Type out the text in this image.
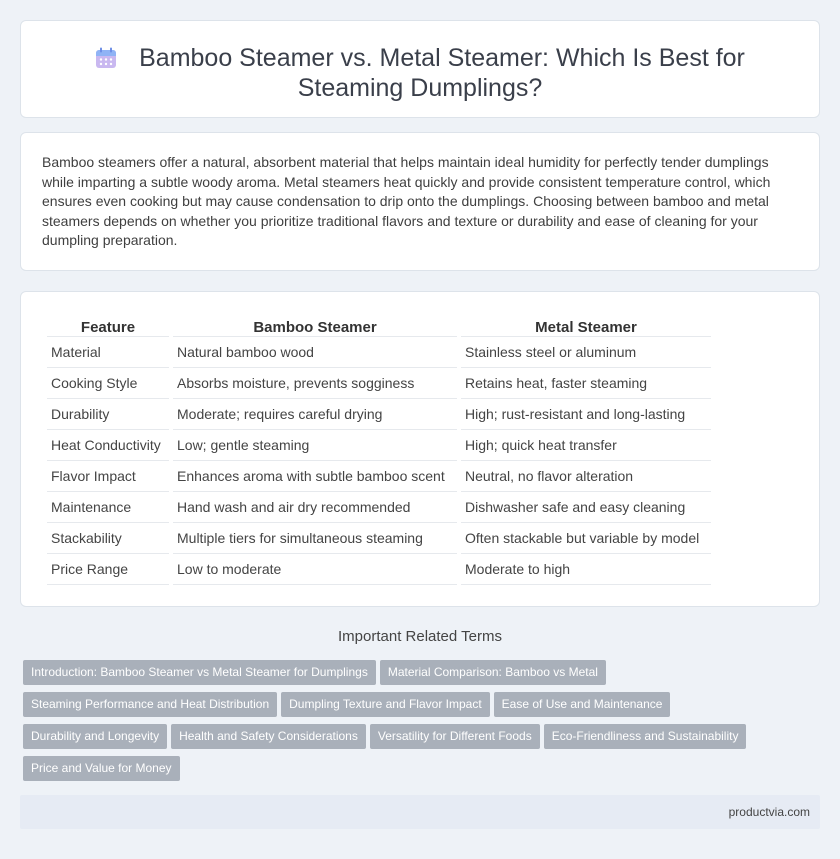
Bamboo Steamer vs. Metal Steamer: Which Is Best for Steaming Dumplings?

Bamboo steamers offer a natural, absorbent material that helps maintain ideal humidity for perfectly tender dumplings while imparting a subtle woody aroma. Metal steamers heat quickly and provide consistent temperature control, which ensures even cooking but may cause condensation to drip onto the dumplings. Choosing between bamboo and metal steamers depends on whether you prioritize traditional flavors and texture or durability and ease of cleaning for your dumpling preparation.

Feature	Bamboo Steamer	Metal Steamer
Material	Natural bamboo wood	Stainless steel or aluminum
Cooking Style	Absorbs moisture, prevents sogginess	Retains heat, faster steaming
Durability	Moderate; requires careful drying	High; rust-resistant and long-lasting
Heat Conductivity	Low; gentle steaming	High; quick heat transfer
Flavor Impact	Enhances aroma with subtle bamboo scent	Neutral, no flavor alteration
Maintenance	Hand wash and air dry recommended	Dishwasher safe and easy cleaning
Stackability	Multiple tiers for simultaneous steaming	Often stackable but variable by model
Price Range	Low to moderate	Moderate to high
Important Related Terms
Introduction: Bamboo Steamer vs Metal Steamer for Dumplings Material Comparison: Bamboo vs Metal
Steaming Performance and Heat Distribution Dumpling Texture and Flavor Impact Ease of Use and Maintenance
Durability and Longevity Health and Safety Considerations Versatility for Different Foods Eco-Friendliness and Sustainability
Price and Value for Money
productvia.com
